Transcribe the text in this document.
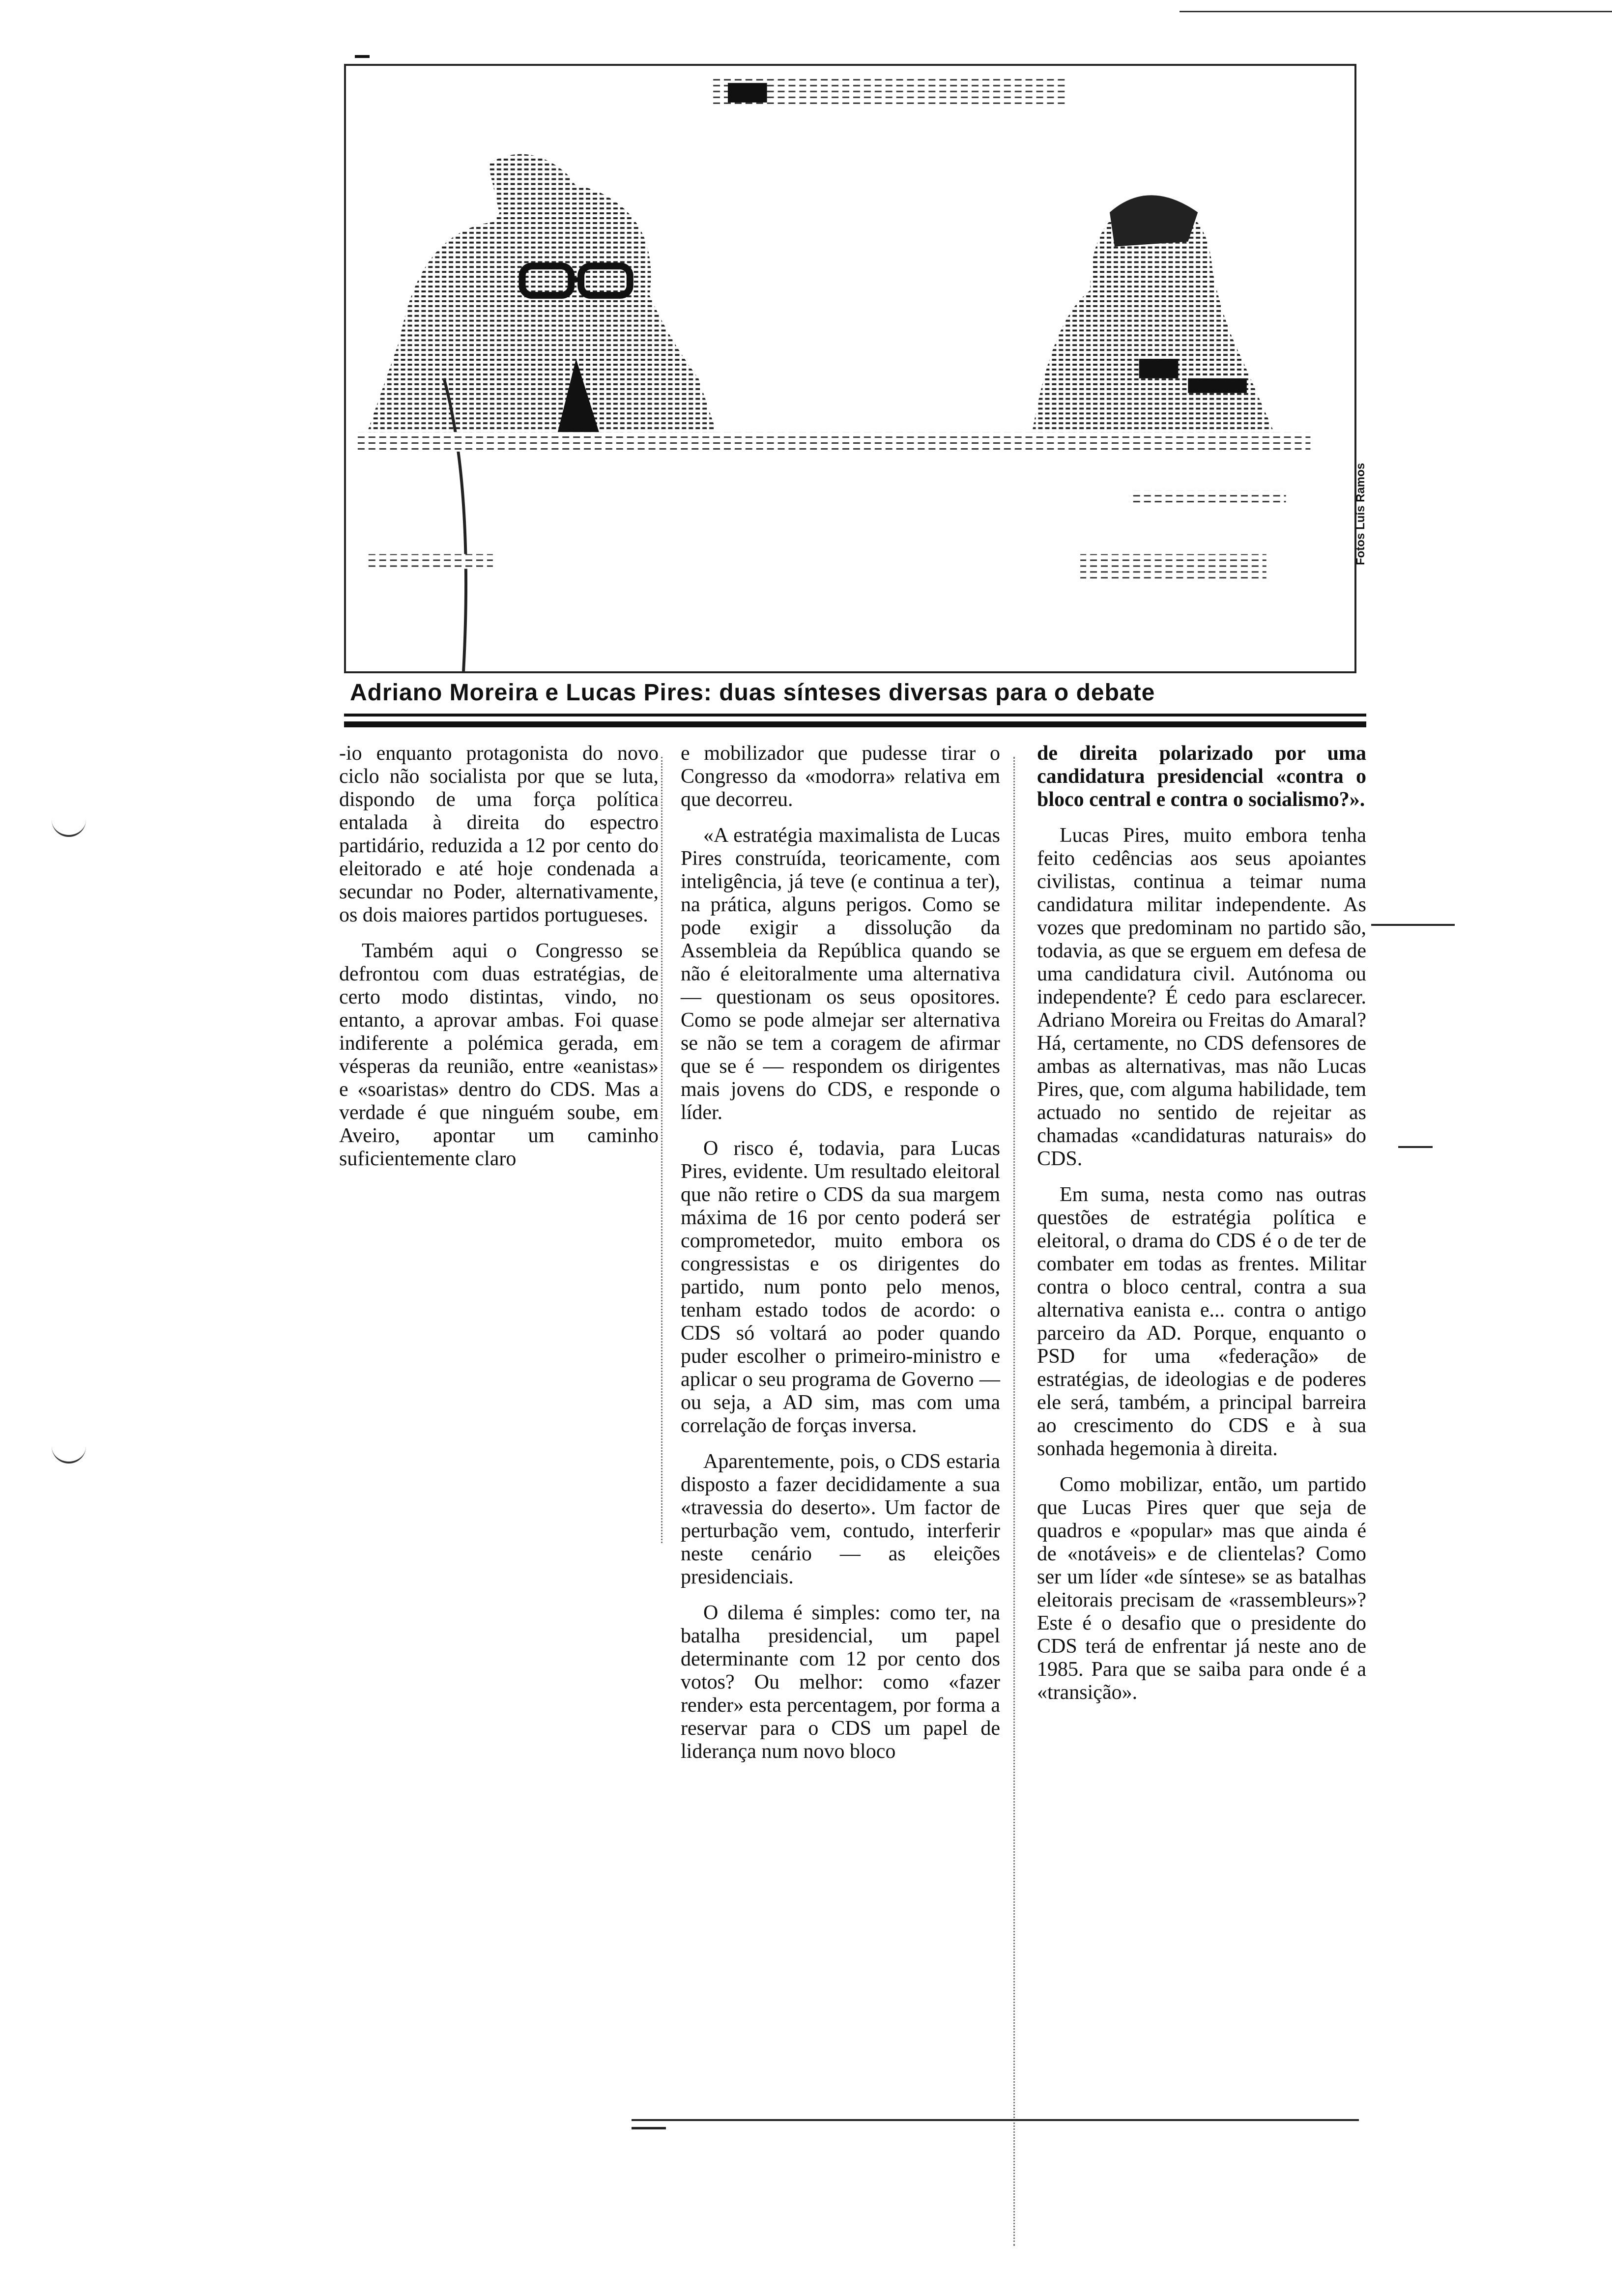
Fotos Luís Ramos
Adriano Moreira e Lucas Pires: duas sínteses diversas para o debate

-io enquanto protagonista do novo ciclo não socialista por que se luta, dispondo de uma força política entalada à direita do espectro partidário, reduzida a 12 por cento do eleitorado e até hoje condenada a secundar no Poder, alternativamente, os dois maiores partidos portugueses.

Também aqui o Congresso se defrontou com duas estratégias, de certo modo distintas, vindo, no entanto, a aprovar ambas. Foi quase indiferente a polémica gerada, em vésperas da reunião, entre «eanistas» e «soaristas» dentro do CDS. Mas a verdade é que ninguém soube, em Aveiro, apontar um caminho suficientemente claro

e mobilizador que pudesse tirar o Congresso da «modorra» relativa em que decorreu.

«A estratégia maximalista de Lucas Pires construída, teoricamente, com inteligência, já teve (e continua a ter), na prática, alguns perigos. Como se pode exigir a dissolução da Assembleia da República quando se não é eleitoralmente uma alternativa — questionam os seus opositores. Como se pode almejar ser alternativa se não se tem a coragem de afirmar que se é — respondem os dirigentes mais jovens do CDS, e responde o líder.

O risco é, todavia, para Lucas Pires, evidente. Um resultado eleitoral que não retire o CDS da sua margem máxima de 16 por cento poderá ser comprometedor, muito embora os congressistas e os dirigentes do partido, num ponto pelo menos, tenham estado todos de acordo: o CDS só voltará ao poder quando puder escolher o primeiro-ministro e aplicar o seu programa de Governo — ou seja, a AD sim, mas com uma correlação de forças inversa.

Aparentemente, pois, o CDS estaria disposto a fazer decididamente a sua «travessia do deserto». Um factor de perturbação vem, contudo, interferir neste cenário — as eleições presidenciais.

O dilema é simples: como ter, na batalha presidencial, um papel determinante com 12 por cento dos votos? Ou melhor: como «fazer render» esta percentagem, por forma a reservar para o CDS um papel de liderança num novo bloco

de direita polarizado por uma candidatura presidencial «contra o bloco central e contra o socialismo?».

Lucas Pires, muito embora tenha feito cedências aos seus apoiantes civilistas, continua a teimar numa candidatura militar independente. As vozes que predominam no partido são, todavia, as que se erguem em defesa de uma candidatura civil. Autónoma ou independente? É cedo para esclarecer. Adriano Moreira ou Freitas do Amaral? Há, certamente, no CDS defensores de ambas as alternativas, mas não Lucas Pires, que, com alguma habilidade, tem actuado no sentido de rejeitar as chamadas «candidaturas naturais» do CDS.

Em suma, nesta como nas outras questões de estratégia política e eleitoral, o drama do CDS é o de ter de combater em todas as frentes. Militar contra o bloco central, contra a sua alternativa eanista e... contra o antigo parceiro da AD. Porque, enquanto o PSD for uma «federação» de estratégias, de ideologias e de poderes ele será, também, a principal barreira ao crescimento do CDS e à sua sonhada hegemonia à direita.

Como mobilizar, então, um partido que Lucas Pires quer que seja de quadros e «popular» mas que ainda é de «notáveis» e de clientelas? Como ser um líder «de síntese» se as batalhas eleitorais precisam de «rassembleurs»? Este é o desafio que o presidente do CDS terá de enfrentar já neste ano de 1985. Para que se saiba para onde é a «transição».
